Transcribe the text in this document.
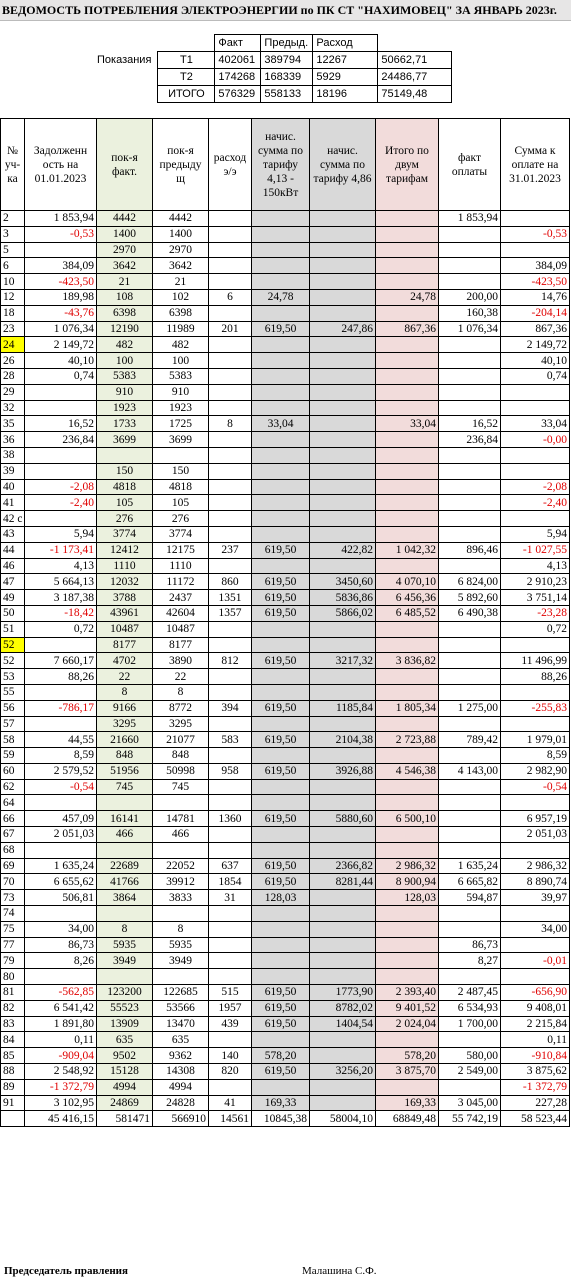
ВЕДОМОСТЬ ПОТРЕБЛЕНИЯ ЭЛЕКТРОЭНЕРГИИ по ПК СТ "НАХИМОВЕЦ" ЗА ЯНВАРЬ 2023г.
		Факт	Предыд.	Расход	
Показания	T1	402061	389794	12267	50662,71
	T2	174268	168339	5929	24486,77
	ИТОГО	576329	558133	18196	75149,48
№ уч-ка	Задолженн ость на 01.01.2023	пок-я факт.	пок-я предыду щ	расход э/э	начис. сумма по тарифу 4,13 - 150кВт	начис. сумма по тарифу 4,86	Итого по двум тарифам	факт оплаты	Сумма к оплате на 31.01.2023
2	1 853,94	4442	4442					1 853,94	
3	-0,53	1400	1400						-0,53
5		2970	2970						
6	384,09	3642	3642						384,09
10	-423,50	21	21						-423,50
12	189,98	108	102	6	24,78		24,78	200,00	14,76
18	-43,76	6398	6398					160,38	-204,14
23	1 076,34	12190	11989	201	619,50	247,86	867,36	1 076,34	867,36
24	2 149,72	482	482						2 149,72
26	40,10	100	100						40,10
28	0,74	5383	5383						0,74
29		910	910						
32		1923	1923						
35	16,52	1733	1725	8	33,04		33,04	16,52	33,04
36	236,84	3699	3699					236,84	-0,00
38									
39		150	150						
40	-2,08	4818	4818						-2,08
41	-2,40	105	105						-2,40
42 с		276	276						
43	5,94	3774	3774						5,94
44	-1 173,41	12412	12175	237	619,50	422,82	1 042,32	896,46	-1 027,55
46	4,13	1110	1110						4,13
47	5 664,13	12032	11172	860	619,50	3450,60	4 070,10	6 824,00	2 910,23
49	3 187,38	3788	2437	1351	619,50	5836,86	6 456,36	5 892,60	3 751,14
50	-18,42	43961	42604	1357	619,50	5866,02	6 485,52	6 490,38	-23,28
51	0,72	10487	10487						0,72
52		8177	8177						
52	7 660,17	4702	3890	812	619,50	3217,32	3 836,82		11 496,99
53	88,26	22	22						88,26
55		8	8						
56	-786,17	9166	8772	394	619,50	1185,84	1 805,34	1 275,00	-255,83
57		3295	3295						
58	44,55	21660	21077	583	619,50	2104,38	2 723,88	789,42	1 979,01
59	8,59	848	848						8,59
60	2 579,52	51956	50998	958	619,50	3926,88	4 546,38	4 143,00	2 982,90
62	-0,54	745	745						-0,54
64									
66	457,09	16141	14781	1360	619,50	5880,60	6 500,10		6 957,19
67	2 051,03	466	466						2 051,03
68									
69	1 635,24	22689	22052	637	619,50	2366,82	2 986,32	1 635,24	2 986,32
70	6 655,62	41766	39912	1854	619,50	8281,44	8 900,94	6 665,82	8 890,74
73	506,81	3864	3833	31	128,03		128,03	594,87	39,97
74									
75	34,00	8	8						34,00
77	86,73	5935	5935					86,73	
79	8,26	3949	3949					8,27	-0,01
80									
81	-562,85	123200	122685	515	619,50	1773,90	2 393,40	2 487,45	-656,90
82	6 541,42	55523	53566	1957	619,50	8782,02	9 401,52	6 534,93	9 408,01
83	1 891,80	13909	13470	439	619,50	1404,54	2 024,04	1 700,00	2 215,84
84	0,11	635	635						0,11
85	-909,04	9502	9362	140	578,20		578,20	580,00	-910,84
88	2 548,92	15128	14308	820	619,50	3256,20	3 875,70	2 549,00	3 875,62
89	-1 372,79	4994	4994						-1 372,79
91	3 102,95	24869	24828	41	169,33		169,33	3 045,00	227,28
	45 416,15	581471	566910	14561	10845,38	58004,10	68849,48	55 742,19	58 523,44
Председатель правления	Малашина С.Ф.
